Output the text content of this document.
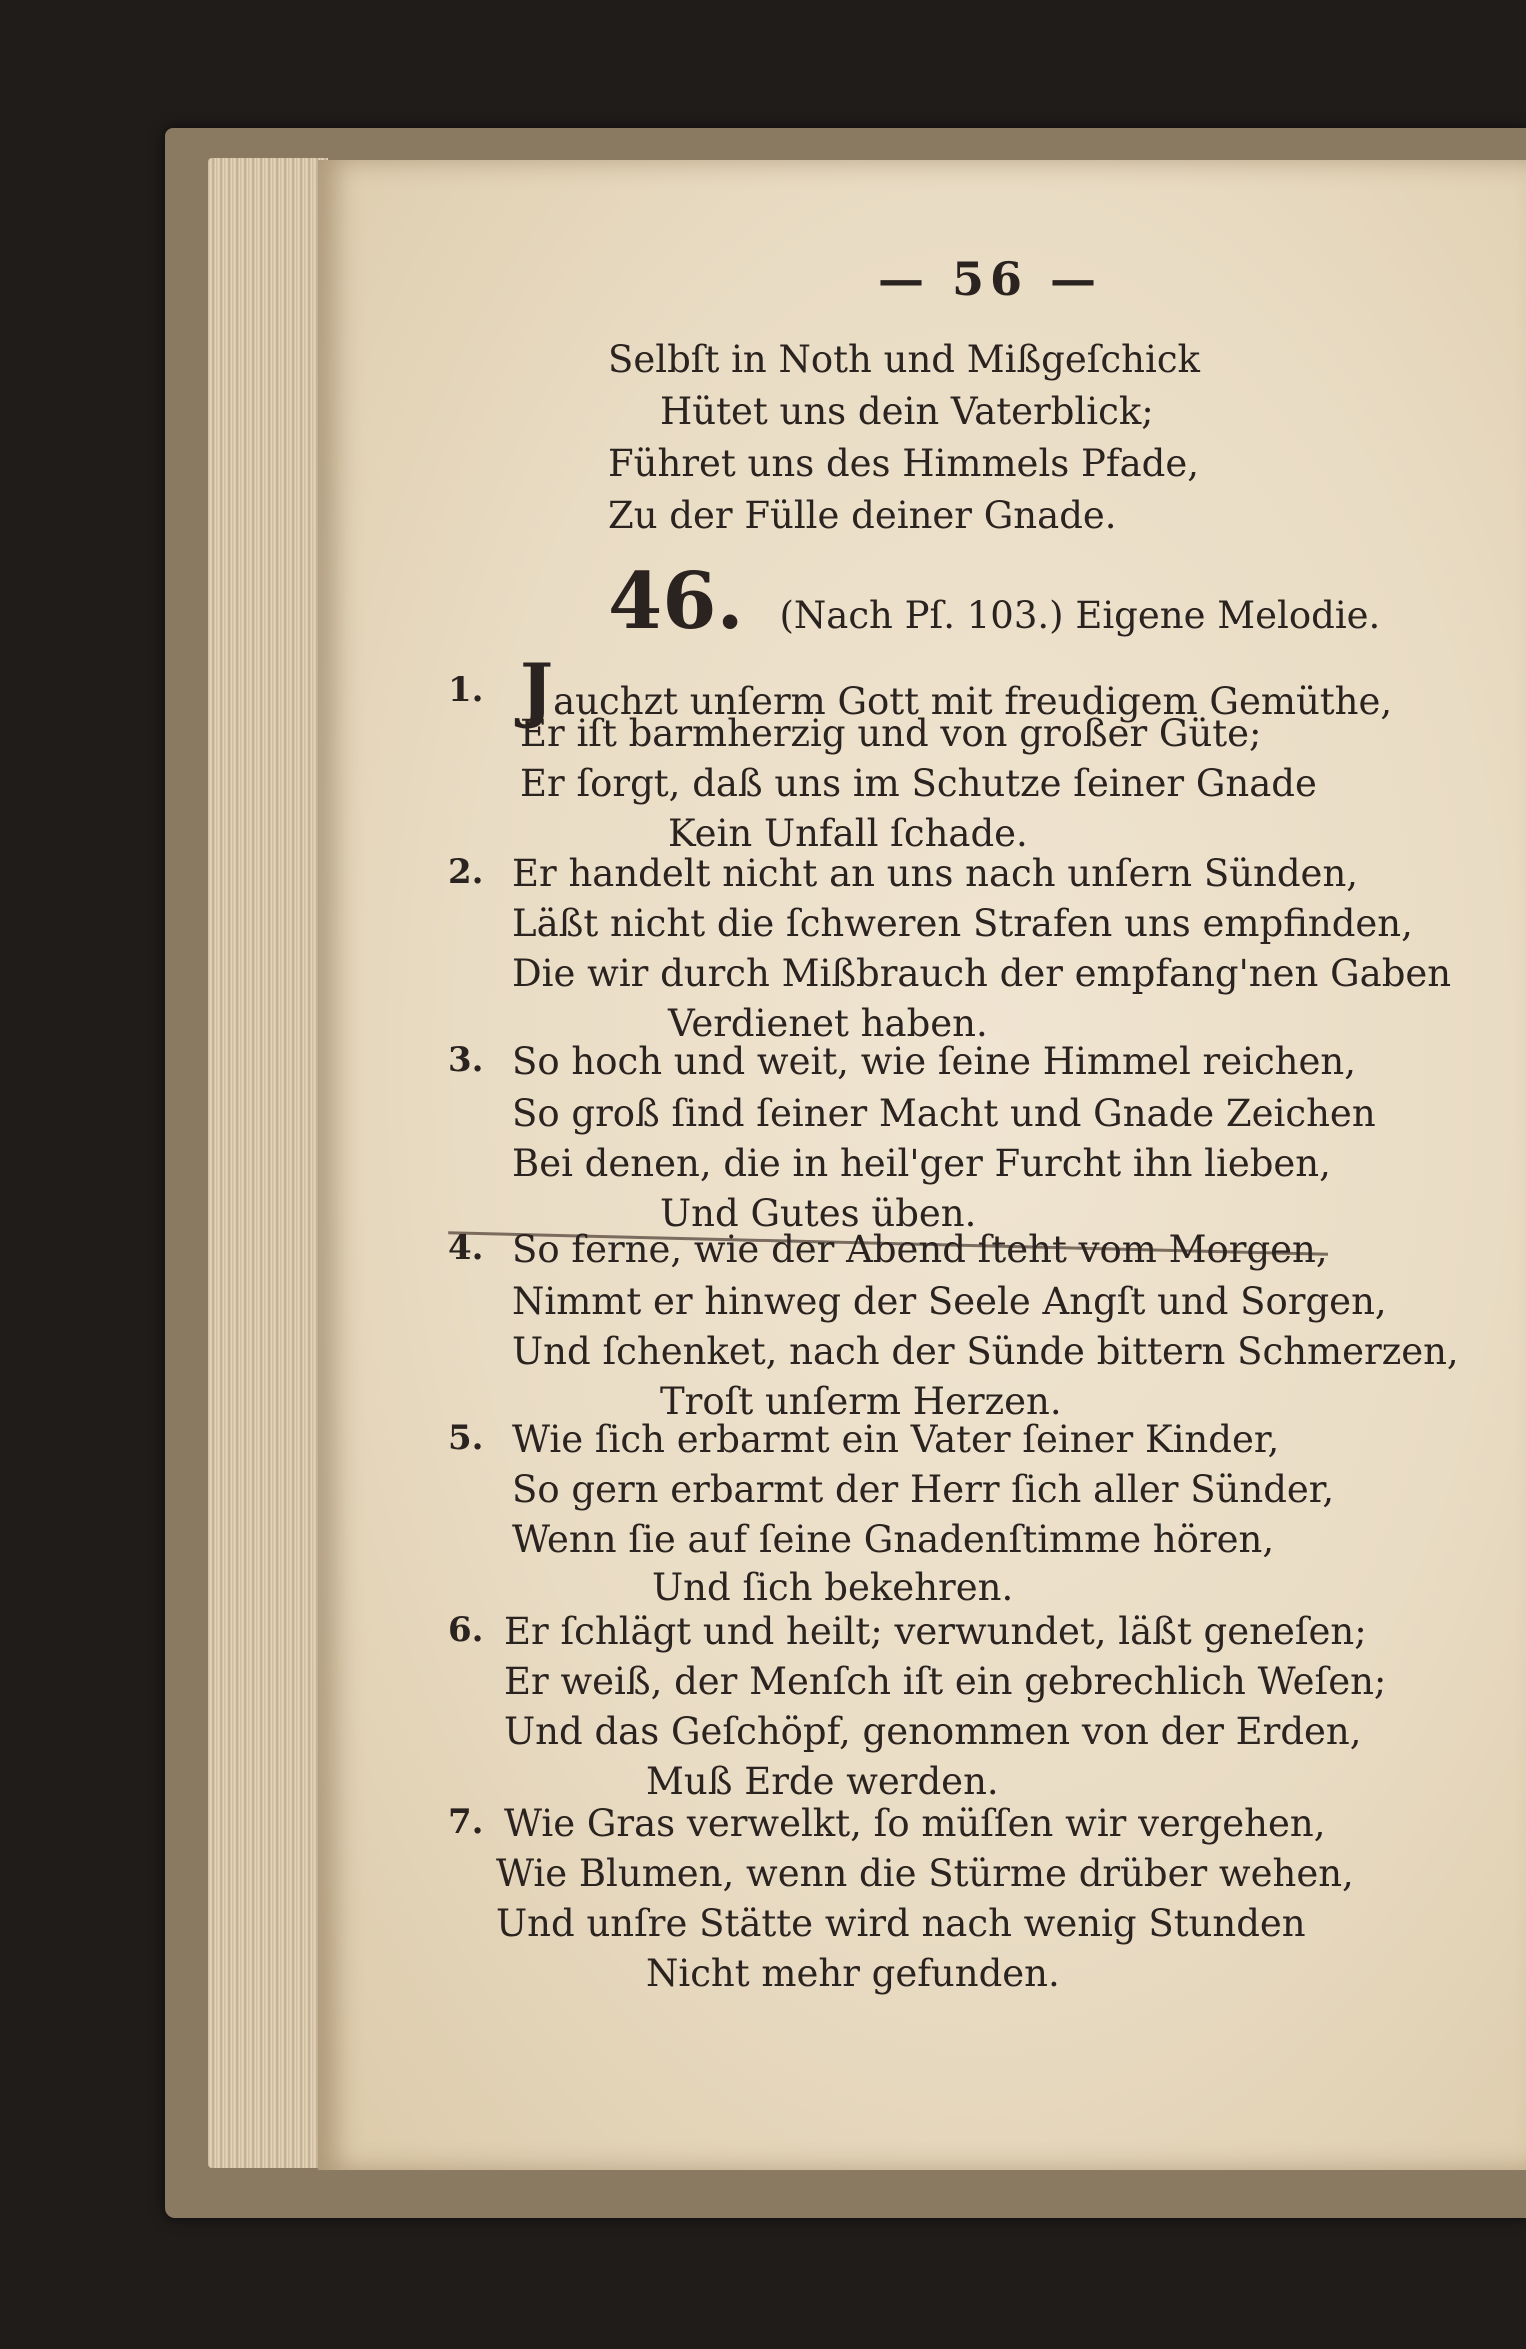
— 56 —
Selbſt in Noth und Mißgeſchick
Hütet uns dein Vaterblick;
Führet uns des Himmels Pfade,
Zu der Fülle deiner Gnade.
46. (Nach Pſ. 103.) Eigene Melodie.
1. Jauchzt unſerm Gott mit freudigem Gemüthe,
Er iſt barmherzig und von großer Güte;
Er ſorgt, daß uns im Schutze ſeiner Gnade
Kein Unfall ſchade.
2. Er handelt nicht an uns nach unſern Sünden,
Läßt nicht die ſchweren Strafen uns empfinden,
Die wir durch Mißbrauch der empfang'nen Gaben
Verdienet haben.
3. So hoch und weit, wie ſeine Himmel reichen,
So groß ſind ſeiner Macht und Gnade Zeichen
Bei denen, die in heil'ger Furcht ihn lieben,
Und Gutes üben.
4. So ferne, wie der Abend ſteht vom Morgen,
Nimmt er hinweg der Seele Angſt und Sorgen,
Und ſchenket, nach der Sünde bittern Schmerzen,
Troſt unſerm Herzen.
5. Wie ſich erbarmt ein Vater ſeiner Kinder,
So gern erbarmt der Herr ſich aller Sünder,
Wenn ſie auf ſeine Gnadenſtimme hören,
Und ſich bekehren.
6. Er ſchlägt und heilt; verwundet, läßt geneſen;
Er weiß, der Menſch iſt ein gebrechlich Weſen;
Und das Geſchöpf, genommen von der Erden,
Muß Erde werden.
7. Wie Gras verwelkt, ſo müſſen wir vergehen,
Wie Blumen, wenn die Stürme drüber wehen,
Und unſre Stätte wird nach wenig Stunden
Nicht mehr gefunden.
